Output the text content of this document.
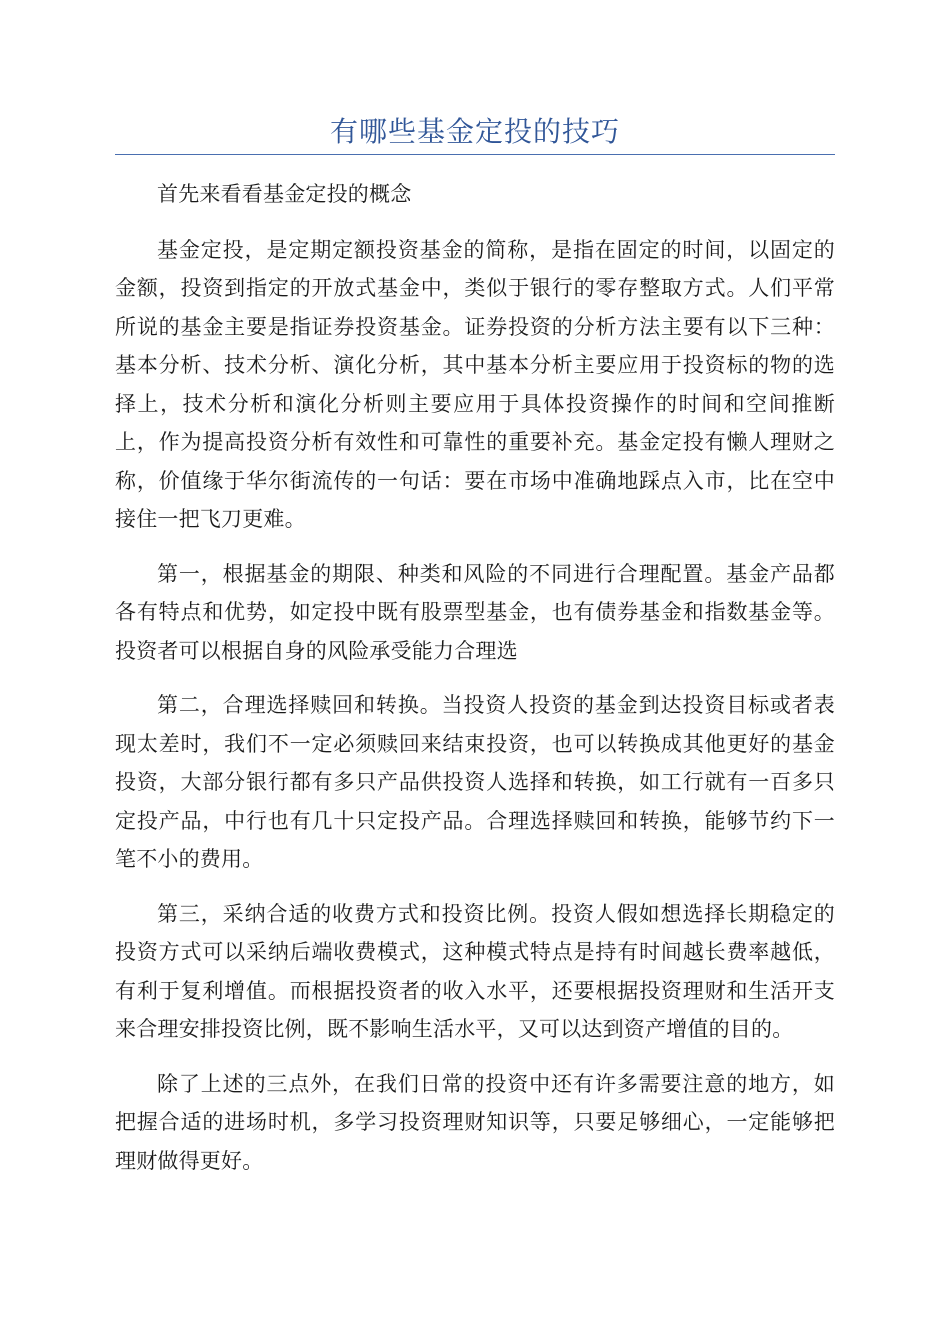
有哪些基金定投的技巧

首先来看看基金定投的概念

基金定投，是定期定额投资基金的简称，是指在固定的时间，以固定的金额，投资到指定的开放式基金中，类似于银行的零存整取方式。人们平常所说的基金主要是指证券投资基金。证券投资的分析方法主要有以下三种：基本分析、技术分析、演化分析，其中基本分析主要应用于投资标的物的选择上，技术分析和演化分析则主要应用于具体投资操作的时间和空间推断上，作为提高投资分析有效性和可靠性的重要补充。基金定投有懒人理财之称，价值缘于华尔街流传的一句话：要在市场中准确地踩点入市，比在空中接住一把飞刀更难。

第一，根据基金的期限、种类和风险的不同进行合理配置。基金产品都各有特点和优势，如定投中既有股票型基金，也有债券基金和指数基金等。投资者可以根据自身的风险承受能力合理选

第二，合理选择赎回和转换。当投资人投资的基金到达投资目标或者表现太差时，我们不一定必须赎回来结束投资，也可以转换成其他更好的基金投资，大部分银行都有多只产品供投资人选择和转换，如工行就有一百多只定投产品，中行也有几十只定投产品。合理选择赎回和转换，能够节约下一笔不小的费用。

第三，采纳合适的收费方式和投资比例。投资人假如想选择长期稳定的投资方式可以采纳后端收费模式，这种模式特点是持有时间越长费率越低，有利于复利增值。而根据投资者的收入水平，还要根据投资理财和生活开支来合理安排投资比例，既不影响生活水平，又可以达到资产增值的目的。

除了上述的三点外，在我们日常的投资中还有许多需要注意的地方，如把握合适的进场时机，多学习投资理财知识等，只要足够细心，一定能够把理财做得更好。
